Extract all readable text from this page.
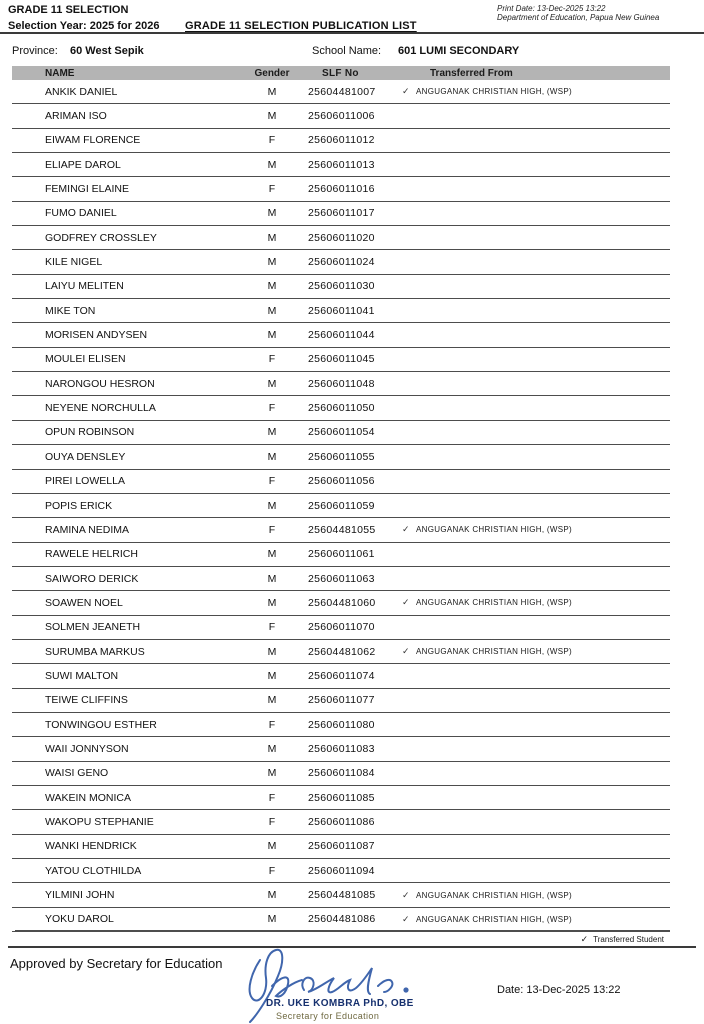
GRADE 11 SELECTION
Selection Year: 2025 for 2026 GRADE 11 SELECTION PUBLICATION LIST
Print Date: 13-Dec-2025 13:22
Department of Education, Papua New Guinea
Province: 60 West Sepik	School Name: 601 LUMI SECONDARY
NAME	Gender	SLF No	Transferred From
ANKIK DANIEL	M	25604481007	✓ ANGUGANAK CHRISTIAN HIGH, (WSP)
ARIMAN ISO	M	25606011006
EIWAM FLORENCE	F	25606011012
ELIAPE DAROL	M	25606011013
FEMINGI ELAINE	F	25606011016
FUMO DANIEL	M	25606011017
GODFREY CROSSLEY	M	25606011020
KILE NIGEL	M	25606011024
LAIYU MELITEN	M	25606011030
MIKE TON	M	25606011041
MORISEN ANDYSEN	M	25606011044
MOULEI ELISEN	F	25606011045
NARONGOU HESRON	M	25606011048
NEYENE NORCHULLA	F	25606011050
OPUN ROBINSON	M	25606011054
OUYA DENSLEY	M	25606011055
PIREI LOWELLA	F	25606011056
POPIS ERICK	M	25606011059
RAMINA NEDIMA	F	25604481055	✓ ANGUGANAK CHRISTIAN HIGH, (WSP)
RAWELE HELRICH	M	25606011061
SAIWORO DERICK	M	25606011063
SOAWEN NOEL	M	25604481060	✓ ANGUGANAK CHRISTIAN HIGH, (WSP)
SOLMEN JEANETH	F	25606011070
SURUMBA MARKUS	M	25604481062	✓ ANGUGANAK CHRISTIAN HIGH, (WSP)
SUWI MALTON	M	25606011074
TEIWE CLIFFINS	M	25606011077
TONWINGOU ESTHER	F	25606011080
WAII JONNYSON	M	25606011083
WAISI GENO	M	25606011084
WAKEIN MONICA	F	25606011085
WAKOPU STEPHANIE	F	25606011086
WANKI HENDRICK	M	25606011087
YATOU CLOTHILDA	F	25606011094
YILMINI JOHN	M	25604481085	✓ ANGUGANAK CHRISTIAN HIGH, (WSP)
YOKU DAROL	M	25604481086	✓ ANGUGANAK CHRISTIAN HIGH, (WSP)
✓ Transferred Student
Approved by Secretary for Education
DR. UKE KOMBRA PhD, OBE
Secretary for Education
Date: 13-Dec-2025 13:22
